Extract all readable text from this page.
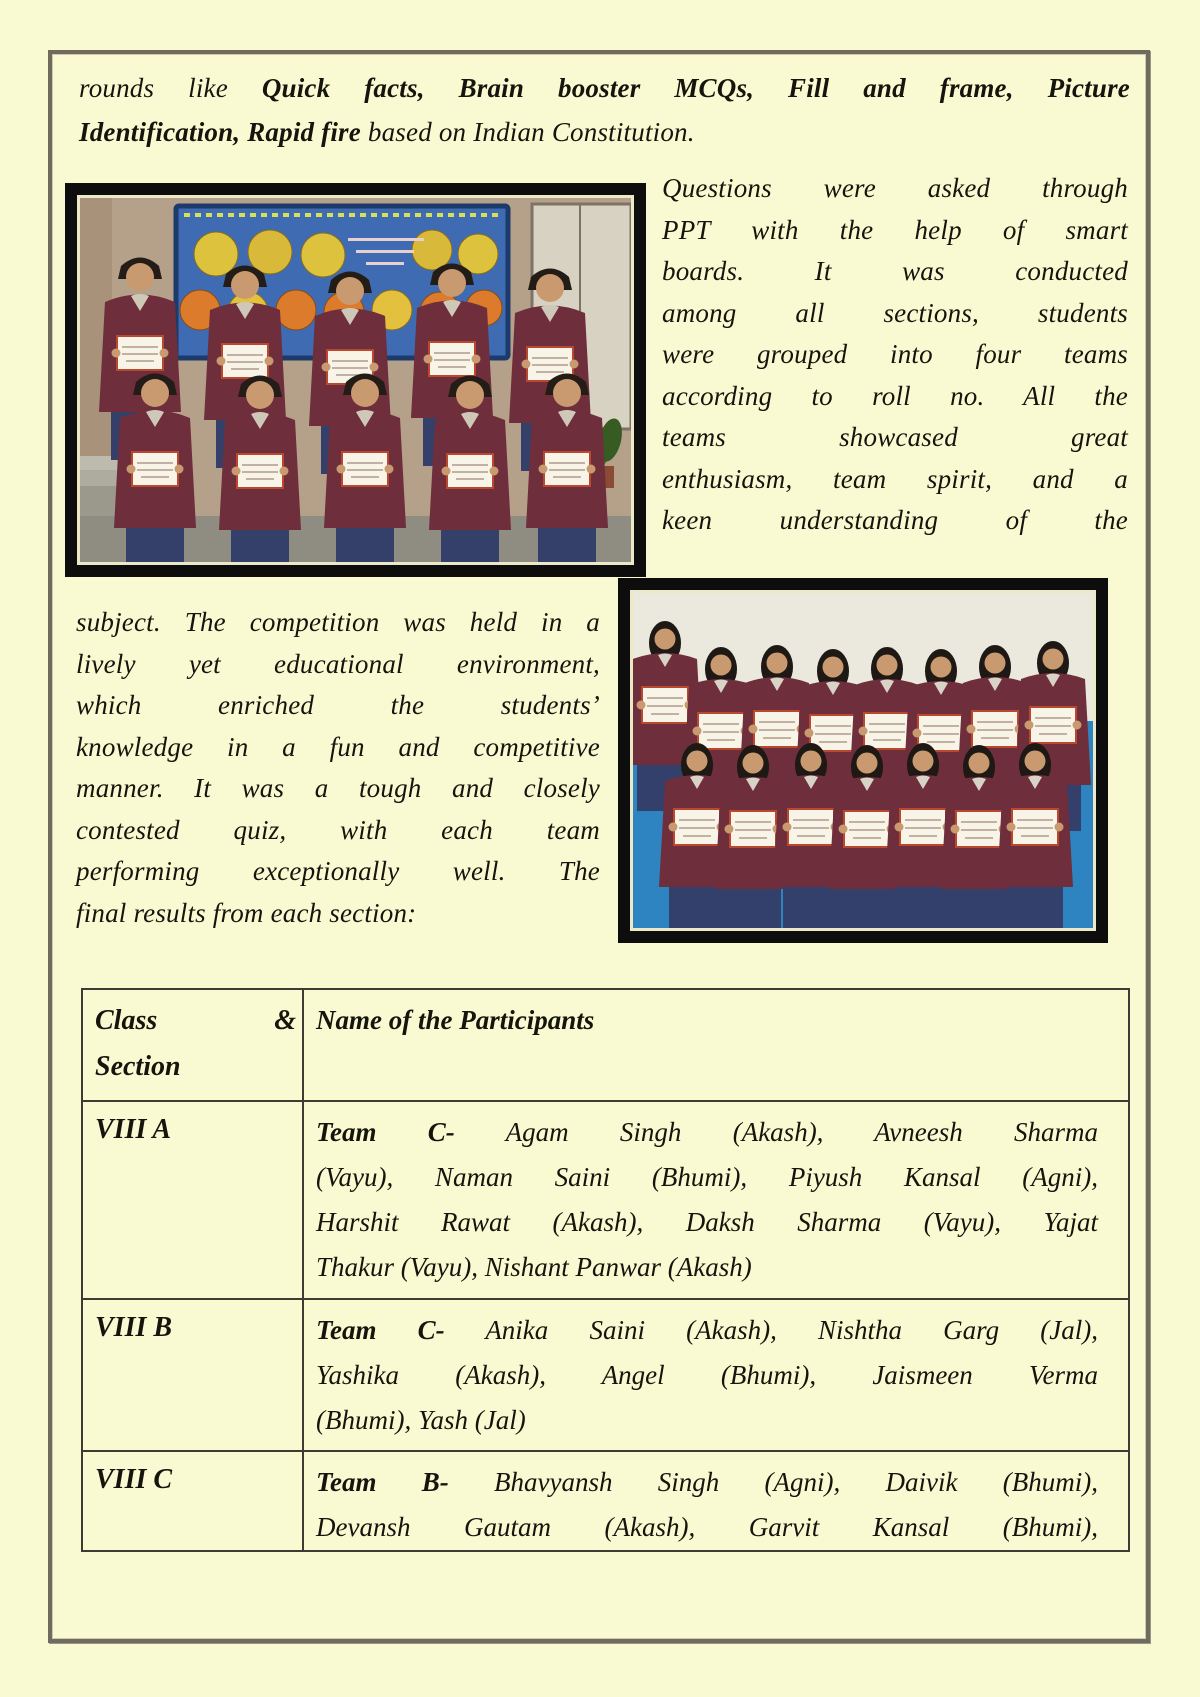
rounds like Quick facts, Brain booster MCQs, Fill and frame, Picture
Identification, Rapid fire based on Indian Constitution.
Questions were asked through
PPT with the help of smart
boards. It was conducted
among all sections, students
were grouped into four teams
according to roll no. All the
teams showcased great
enthusiasm, team spirit, and a
keen understanding of the
subject. The competition was held in a
lively yet educational environment,
which enriched the students’
knowledge in a fun and competitive
manner. It was a tough and closely
contested quiz, with each team
performing exceptionally well. The
final results from each section:
Class &
Section	Name of the Participants
VIII A	Team C- Agam Singh (Akash), Avneesh Sharma
(Vayu), Naman Saini (Bhumi), Piyush Kansal (Agni),
Harshit Rawat (Akash), Daksh Sharma (Vayu), Yajat
Thakur (Vayu), Nishant Panwar (Akash)

VIII B	Team C- Anika Saini (Akash), Nishtha Garg (Jal),
Yashika (Akash), Angel (Bhumi), Jaismeen Verma
(Bhumi), Yash (Jal)

VIII C	Team B- Bhavyansh Singh (Agni), Daivik (Bhumi),
Devansh Gautam (Akash), Garvit Kansal (Bhumi),
